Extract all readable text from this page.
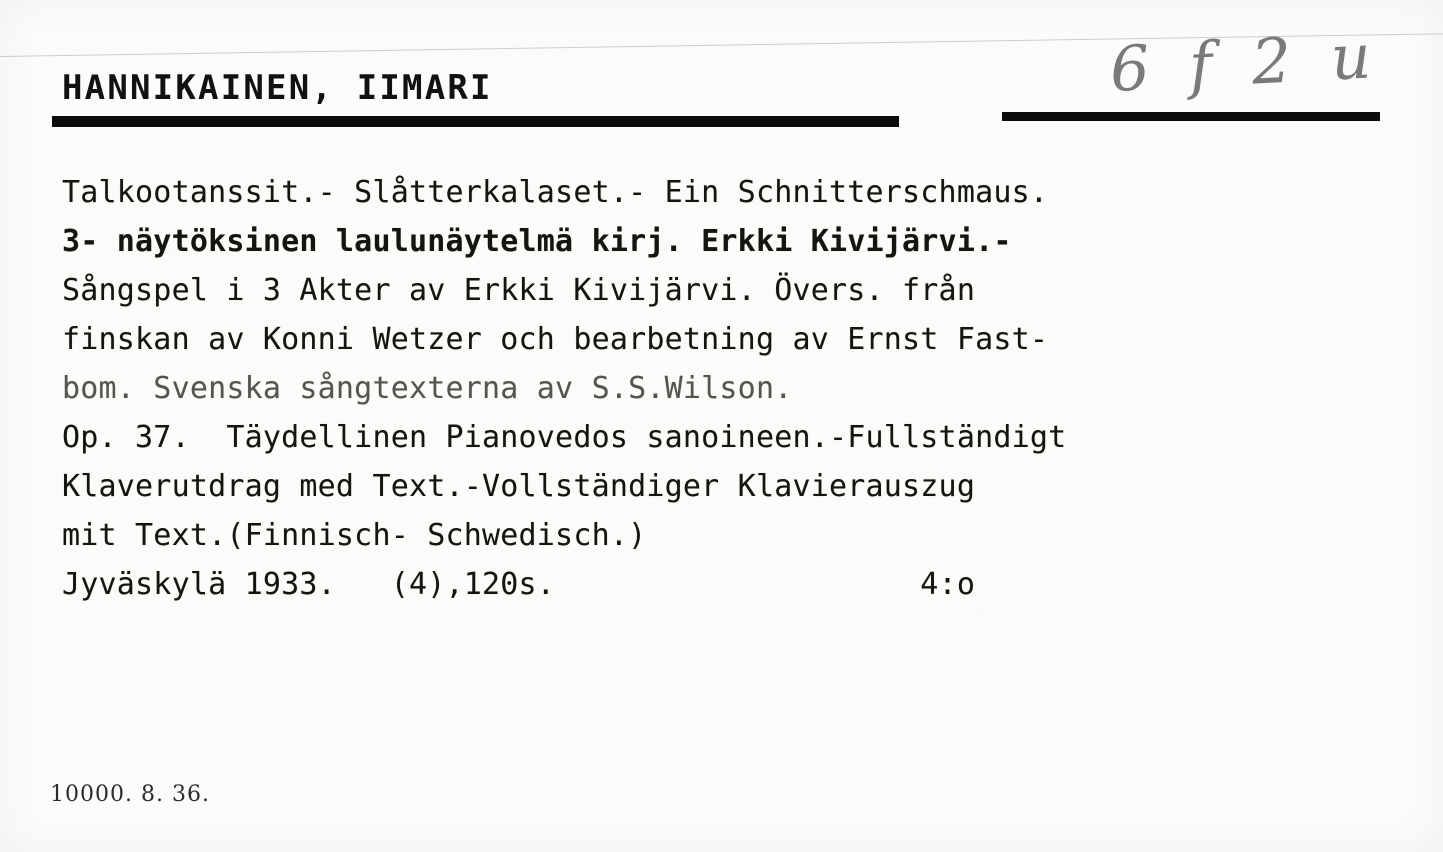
HANNIKAINEN, IIMARI	6 f 2 u
Talkootanssit.- Slåtterkalaset.- Ein Schnitterschmaus.
3- näytöksinen laulunäytelmä kirj. Erkki Kivijärvi.-
Sångspel i 3 Akter av Erkki Kivijärvi. Övers. från
finskan av Konni Wetzer och bearbetning av Ernst Fast-
bom. Svenska sångtexterna av S.S.Wilson.
Op. 37.  Täydellinen Pianovedos sanoineen.-Fullständigt
Klaverutdrag med Text.-Vollständiger Klavierauszug
mit Text.(Finnisch- Schwedisch.)
Jyväskylä 1933.   (4),120s.                    4:o
10000. 8. 36.
